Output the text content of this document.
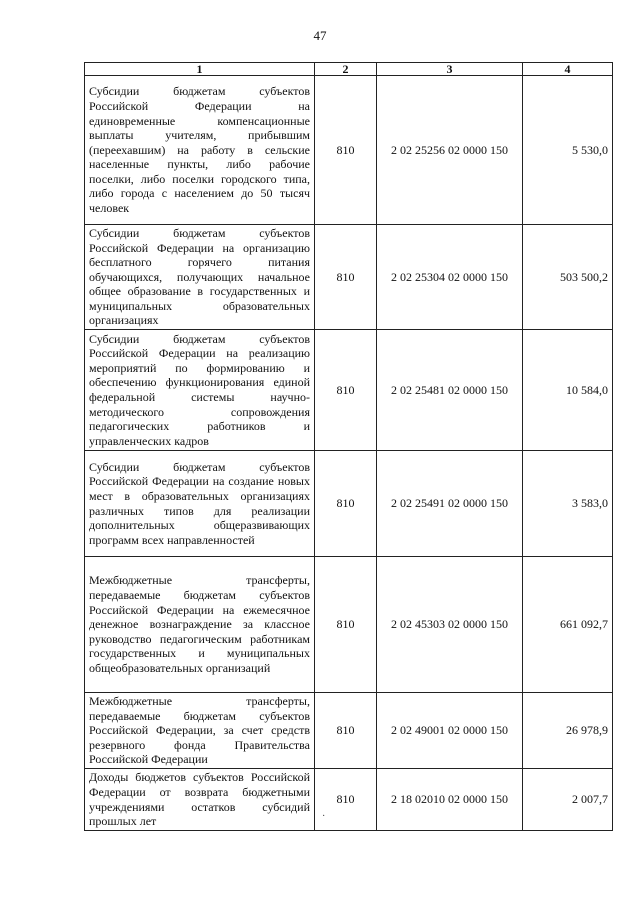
47
1	2	3	4
Субсидии бюджетам субъектов Российской Федерации на единовременные компенсационные выплаты учителям, прибывшим (переехавшим) на работу в сельские населенные пункты, либо рабочие поселки, либо поселки городского типа, либо города с населением до 50 тысяч человек	810	2 02 25256 02 0000 150	5 530,0
Субсидии бюджетам субъектов Российской Федерации на организацию бесплатного горячего питания обучающихся, получающих начальное общее образование в государственных и муниципальных образовательных организациях	810	2 02 25304 02 0000 150	503 500,2
Субсидии бюджетам субъектов Российской Федерации на реализацию мероприятий по формированию и обеспечению функционирования единой федеральной системы научно-методического сопровождения педагогических работников и управленческих кадров	810	2 02 25481 02 0000 150	10 584,0
Субсидии бюджетам субъектов Российской Федерации на создание новых мест в образовательных организациях различных типов для реализации дополнительных общеразвивающих программ всех направленностей	810	2 02 25491 02 0000 150	3 583,0
Межбюджетные трансферты, передаваемые бюджетам субъектов Российской Федерации на ежемесячное денежное вознаграждение за классное руководство педагогическим работникам государственных и муниципальных общеобразовательных организаций	810	2 02 45303 02 0000 150	661 092,7
Межбюджетные трансферты, передаваемые бюджетам субъектов Российской Федерации, за счет средств резервного фонда Правительства Российской Федерации	810	2 02 49001 02 0000 150	26 978,9
Доходы бюджетов субъектов Российской Федерации от возврата бюджетными учреждениями остатков субсидий прошлых лет	810	2 18 02010 02 0000 150	2 007,7
·
